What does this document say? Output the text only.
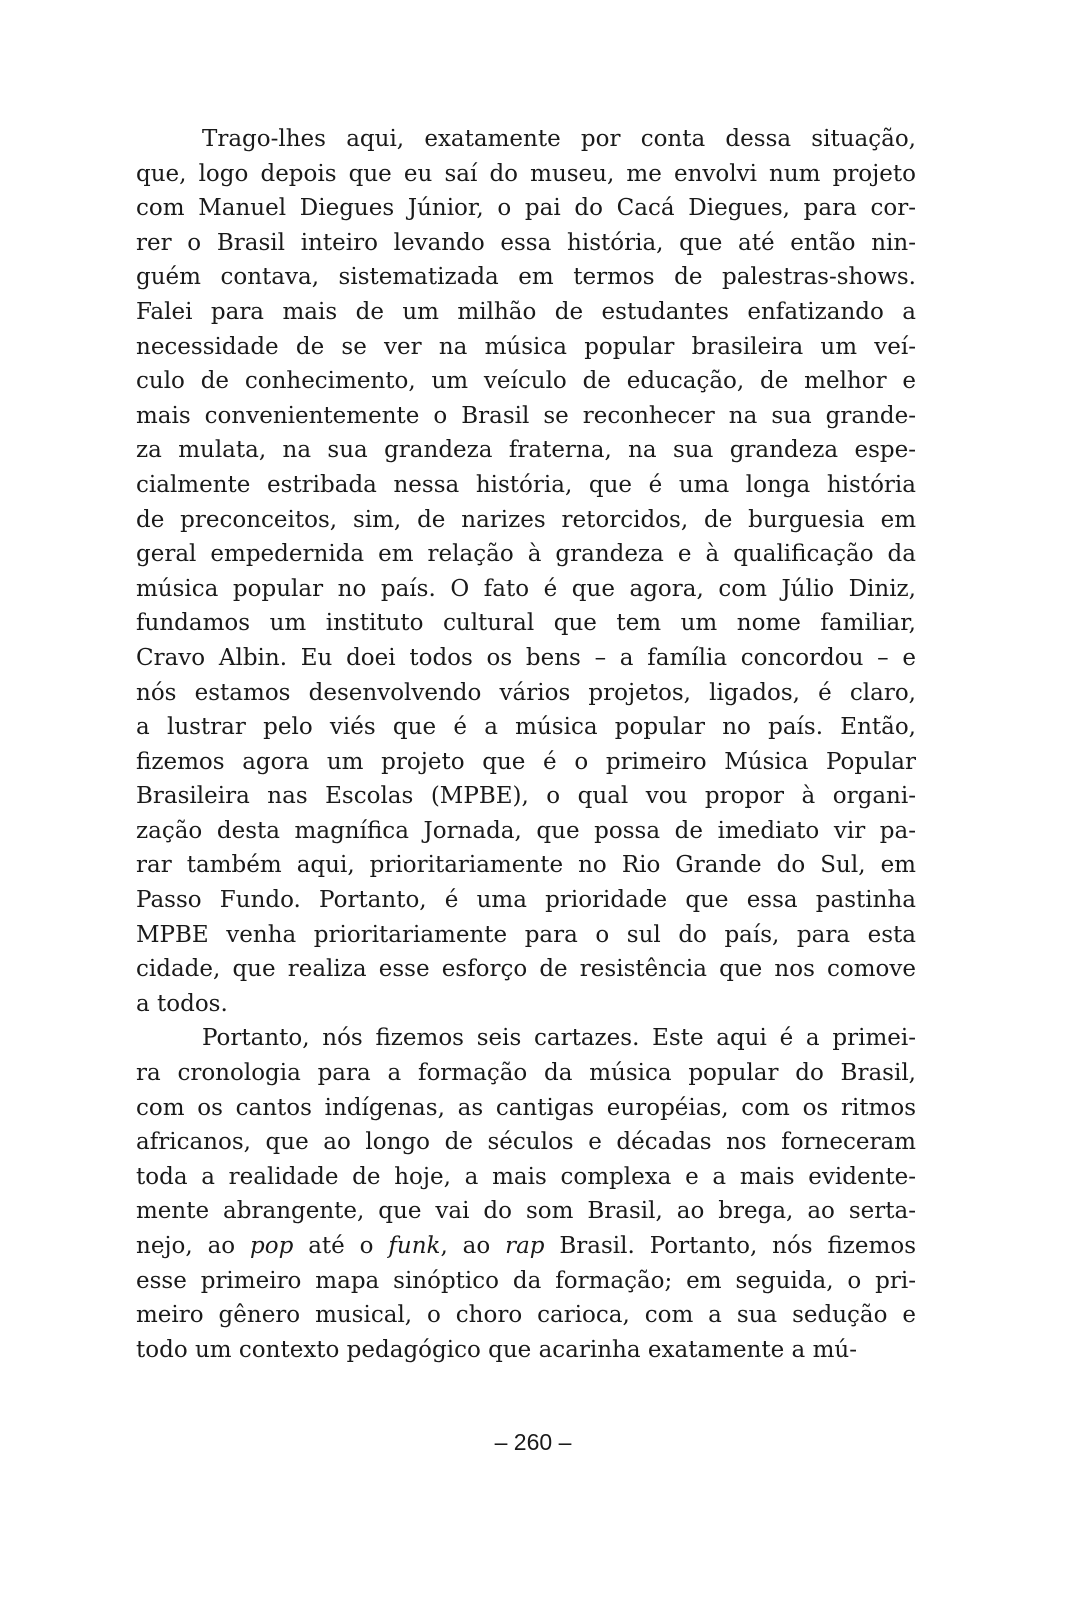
Trago-lhes aqui, exatamente por conta dessa situação,
que, logo depois que eu saí do museu, me envolvi num projeto
com Manuel Diegues Júnior, o pai do Cacá Diegues, para cor-
rer o Brasil inteiro levando essa história, que até então nin-
guém contava, sistematizada em termos de palestras-shows.
Falei para mais de um milhão de estudantes enfatizando a
necessidade de se ver na música popular brasileira um veí-
culo de conhecimento, um veículo de educação, de melhor e
mais convenientemente o Brasil se reconhecer na sua grande-
za mulata, na sua grandeza fraterna, na sua grandeza espe-
cialmente estribada nessa história, que é uma longa história
de preconceitos, sim, de narizes retorcidos, de burguesia em
geral empedernida em relação à grandeza e à qualificação da
música popular no país. O fato é que agora, com Júlio Diniz,
fundamos um instituto cultural que tem um nome familiar,
Cravo Albin. Eu doei todos os bens – a família concordou – e
nós estamos desenvolvendo vários projetos, ligados, é claro,
a lustrar pelo viés que é a música popular no país. Então,
fizemos agora um projeto que é o primeiro Música Popular
Brasileira nas Escolas (MPBE), o qual vou propor à organi-
zação desta magnífica Jornada, que possa de imediato vir pa-
rar também aqui, prioritariamente no Rio Grande do Sul, em
Passo Fundo. Portanto, é uma prioridade que essa pastinha
MPBE venha prioritariamente para o sul do país, para esta
cidade, que realiza esse esforço de resistência que nos comove
a todos.
Portanto, nós fizemos seis cartazes. Este aqui é a primei-
ra cronologia para a formação da música popular do Brasil,
com os cantos indígenas, as cantigas européias, com os ritmos
africanos, que ao longo de séculos e décadas nos forneceram
toda a realidade de hoje, a mais complexa e a mais evidente-
mente abrangente, que vai do som Brasil, ao brega, ao serta-
nejo, ao pop até o funk, ao rap Brasil. Portanto, nós fizemos
esse primeiro mapa sinóptico da formação; em seguida, o pri-
meiro gênero musical, o choro carioca, com a sua sedução e
todo um contexto pedagógico que acarinha exatamente a mú-
– 260 –
